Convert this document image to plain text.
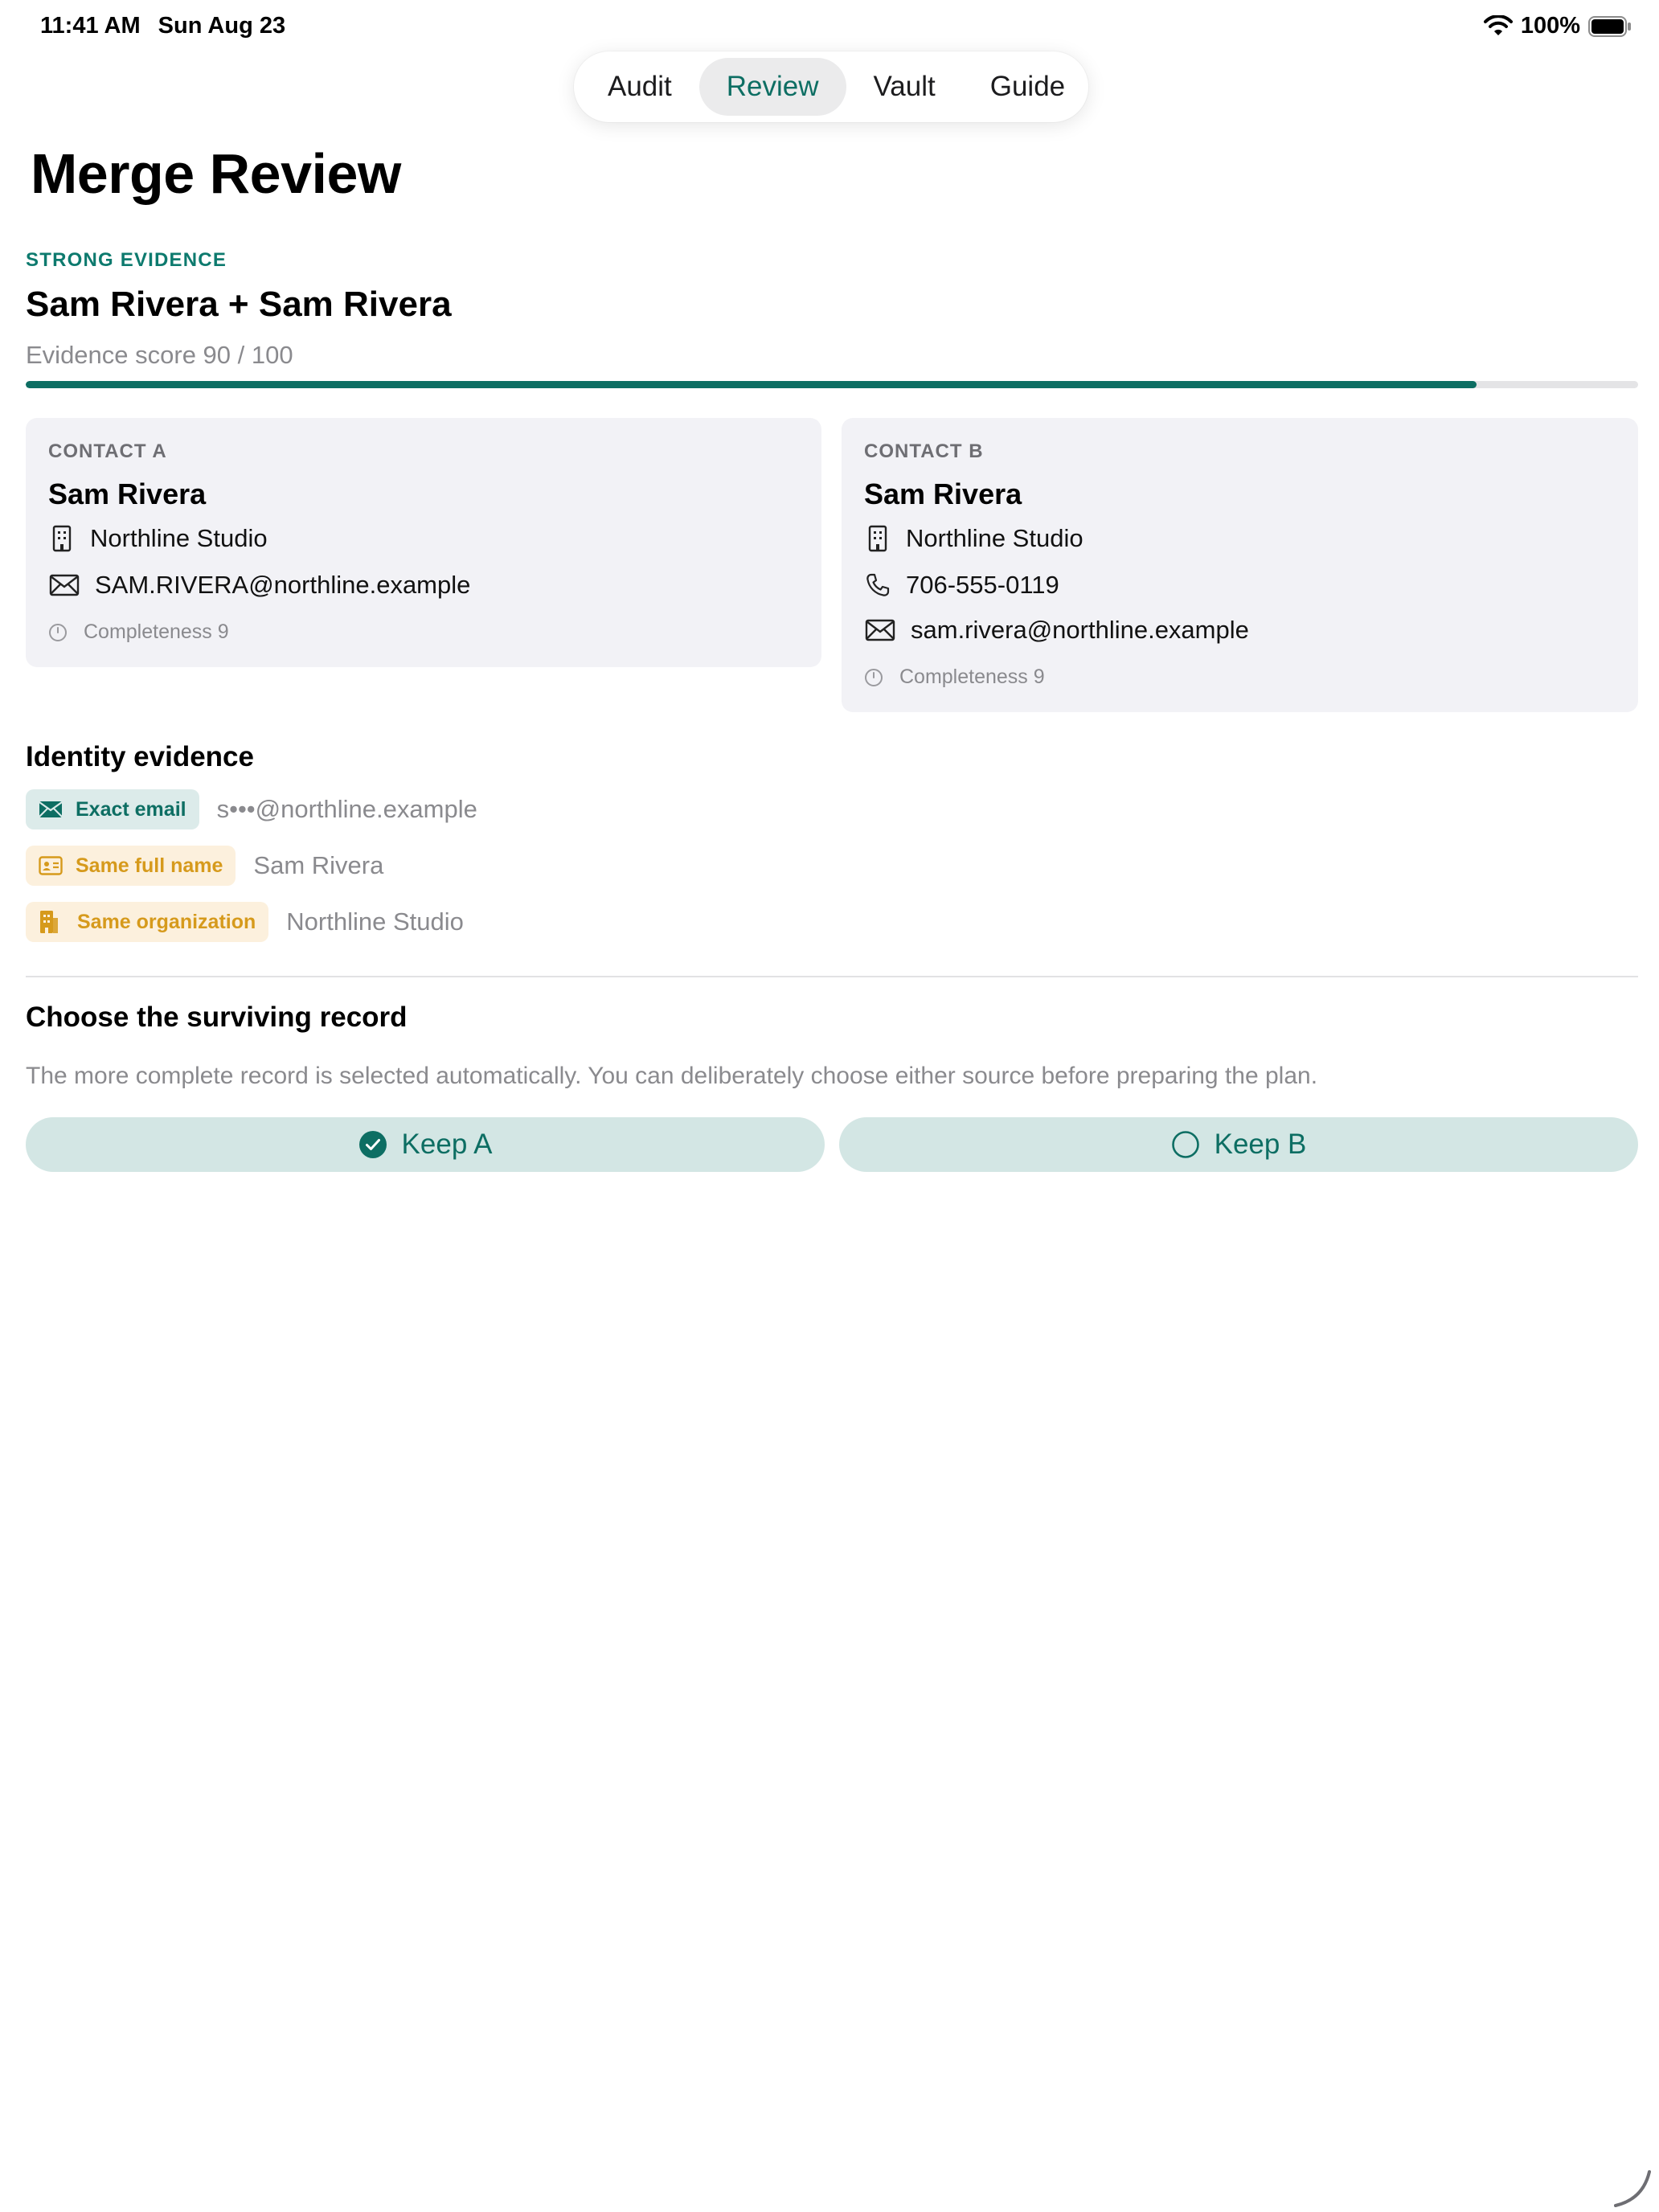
11:41 AM Sun Aug 23	100%
Audit	Review	Vault	Guide
Merge Review
STRONG EVIDENCE
Sam Rivera + Sam Rivera
Evidence score 90 / 100
CONTACT A
Sam Rivera
Northline Studio
SAM.RIVERA@northline.example
Completeness 9
CONTACT B
Sam Rivera
Northline Studio
706-555-0119
sam.rivera@northline.example
Completeness 9
Identity evidence
Exact email s•••@northline.example
Same full name Sam Rivera
Same organization Northline Studio
Choose the surviving record
The more complete record is selected automatically. You can deliberately choose either source before preparing the plan.
Keep A	Keep B
